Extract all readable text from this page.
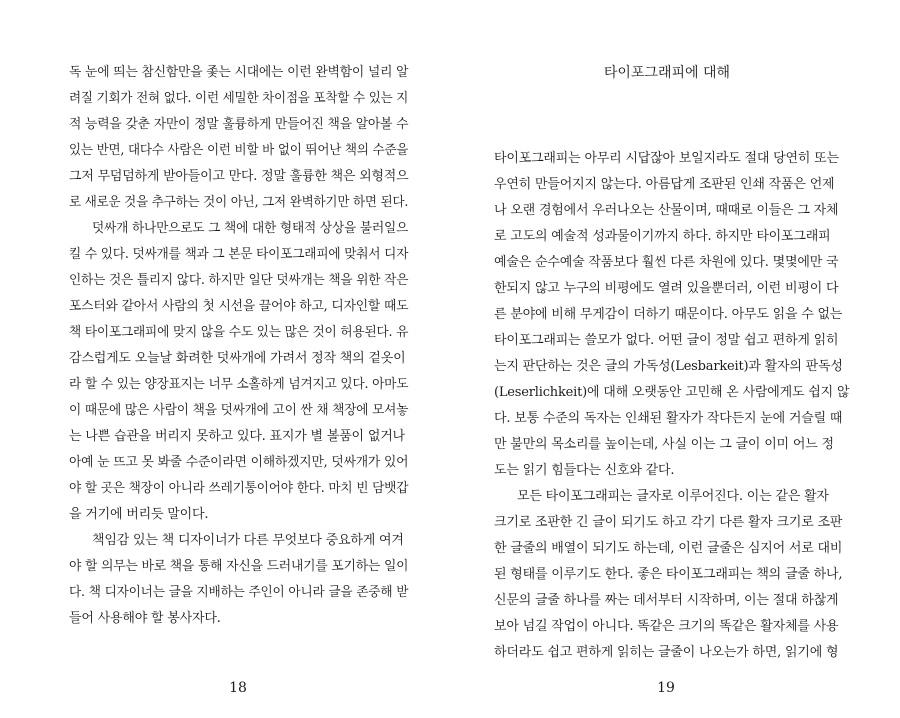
독 눈에 띄는 참신함만을 좇는 시대에는 이런 완벽함이 널리 알
려질 기회가 전혀 없다. 이런 세밀한 차이점을 포착할 수 있는 지
적 능력을 갖춘 자만이 정말 훌륭하게 만들어진 책을 알아볼 수
있는 반면, 대다수 사람은 이런 비할 바 없이 뛰어난 책의 수준을
그저 무덤덤하게 받아들이고 만다. 정말 훌륭한 책은 외형적으
로 새로운 것을 추구하는 것이 아닌, 그저 완벽하기만 하면 된다.
덧싸개 하나만으로도 그 책에 대한 형태적 상상을 불러일으
킬 수 있다. 덧싸개를 책과 그 본문 타이포그래피에 맞춰서 디자
인하는 것은 틀리지 않다. 하지만 일단 덧싸개는 책을 위한 작은
포스터와 같아서 사람의 첫 시선을 끌어야 하고, 디자인할 때도
책 타이포그래피에 맞지 않을 수도 있는 많은 것이 허용된다. 유
감스럽게도 오늘날 화려한 덧싸개에 가려서 정작 책의 겉옷이
라 할 수 있는 양장표지는 너무 소홀하게 넘겨지고 있다. 아마도
이 때문에 많은 사람이 책을 덧싸개에 고이 싼 채 책장에 모셔놓
는 나쁜 습관을 버리지 못하고 있다. 표지가 별 볼품이 없거나
아예 눈 뜨고 못 봐줄 수준이라면 이해하겠지만, 덧싸개가 있어
야 할 곳은 책장이 아니라 쓰레기통이어야 한다. 마치 빈 담뱃갑
을 거기에 버리듯 말이다.
책임감 있는 책 디자이너가 다른 무엇보다 중요하게 여겨
야 할 의무는 바로 책을 통해 자신을 드러내기를 포기하는 일이
다. 책 디자이너는 글을 지배하는 주인이 아니라 글을 존중해 받
들어 사용해야 할 봉사자다.
18
타이포그래피에 대해
타이포그래피는 아무리 시답잖아 보일지라도 절대 당연히 또는
우연히 만들어지지 않는다. 아름답게 조판된 인쇄 작품은 언제
나 오랜 경험에서 우러나오는 산물이며, 때때로 이들은 그 자체
로 고도의 예술적 성과물이기까지 하다. 하지만 타이포그래피
예술은 순수예술 작품보다 훨씬 다른 차원에 있다. 몇몇에만 국
한되지 않고 누구의 비평에도 열려 있을뿐더러, 이런 비평이 다
른 분야에 비해 무게감이 더하기 때문이다. 아무도 읽을 수 없는
타이포그래피는 쓸모가 없다. 어떤 글이 정말 쉽고 편하게 읽히
는지 판단하는 것은 글의 가독성(Lesbarkeit)과 활자의 판독성
(Leserlichkeit)에 대해 오랫동안 고민해 온 사람에게도 쉽지 않
다. 보통 수준의 독자는 인쇄된 활자가 작다든지 눈에 거슬릴 때
만 불만의 목소리를 높이는데, 사실 이는 그 글이 이미 어느 정
도는 읽기 힘들다는 신호와 같다.
모든 타이포그래피는 글자로 이루어진다. 이는 같은 활자
크기로 조판한 긴 글이 되기도 하고 각기 다른 활자 크기로 조판
한 글줄의 배열이 되기도 하는데, 이런 글줄은 심지어 서로 대비
된 형태를 이루기도 한다. 좋은 타이포그래피는 책의 글줄 하나,
신문의 글줄 하나를 짜는 데서부터 시작하며, 이는 절대 하찮게
보아 넘길 작업이 아니다. 똑같은 크기의 똑같은 활자체를 사용
하더라도 쉽고 편하게 읽히는 글줄이 나오는가 하면, 읽기에 형
19
